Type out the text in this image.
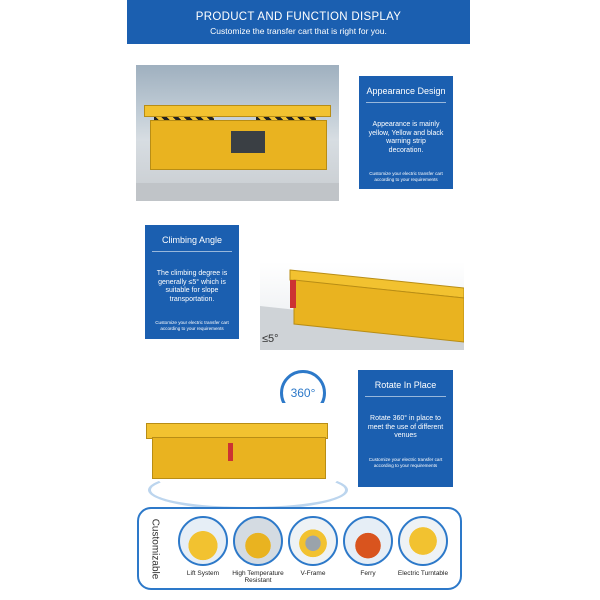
PRODUCT AND FUNCTION DISPLAY
Customize the transfer cart that is right for you.
Appearance Design
Appearance is mainly yellow, Yellow and black warning strip decoration.
Customize your electric transfer cart according to your requirements
Climbing Angle
The climbing degree is generally ≤5° which is suitable for slope transportation.
Customize your electric transfer cart according to your requirements
≤5°
360°
Rotate In Place
Rotate 360° in place to meet the use of different venues
Customize your electric transfer cart according to your requirements
Customizable	Lift System	High Temperature Resistant
V-Frame	Ferry	Electric Turntable
